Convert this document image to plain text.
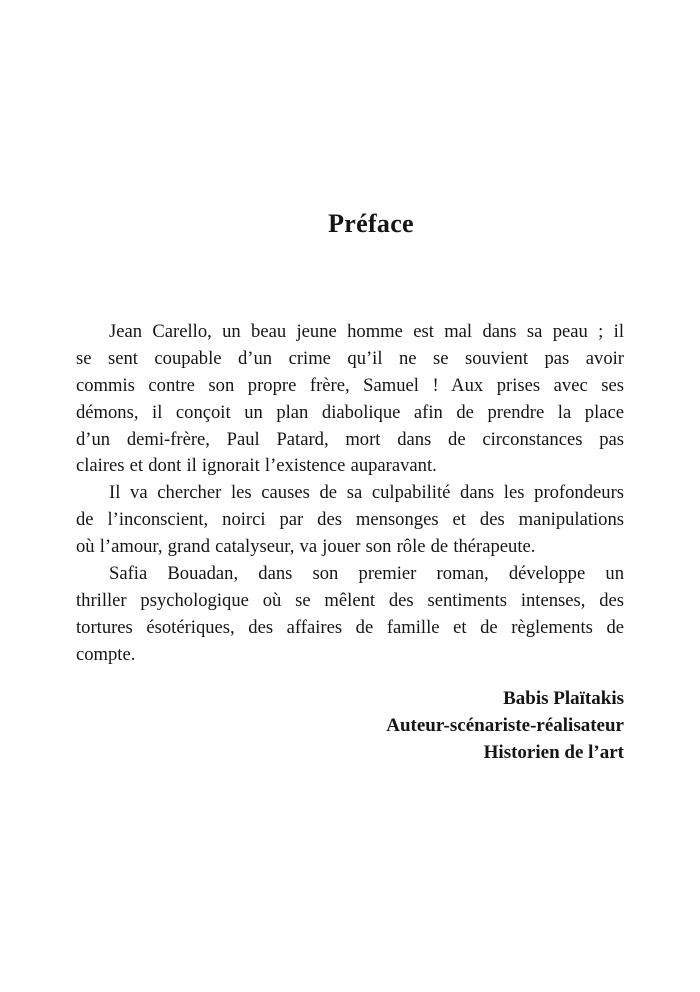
Préface
Jean Carello, un beau jeune homme est mal dans sa peau ; il
se sent coupable d’un crime qu’il ne se souvient pas avoir
commis contre son propre frère, Samuel ! Aux prises avec ses
démons, il conçoit un plan diabolique afin de prendre la place
d’un demi-frère, Paul Patard, mort dans de circonstances pas
claires et dont il ignorait l’existence auparavant.
Il va chercher les causes de sa culpabilité dans les profondeurs
de l’inconscient, noirci par des mensonges et des manipulations
où l’amour, grand catalyseur, va jouer son rôle de thérapeute.
Safia Bouadan, dans son premier roman, développe un
thriller psychologique où se mêlent des sentiments intenses, des
tortures ésotériques, des affaires de famille et de règlements de
compte.
Babis Plaïtakis
Auteur-scénariste-réalisateur
Historien de l’art
